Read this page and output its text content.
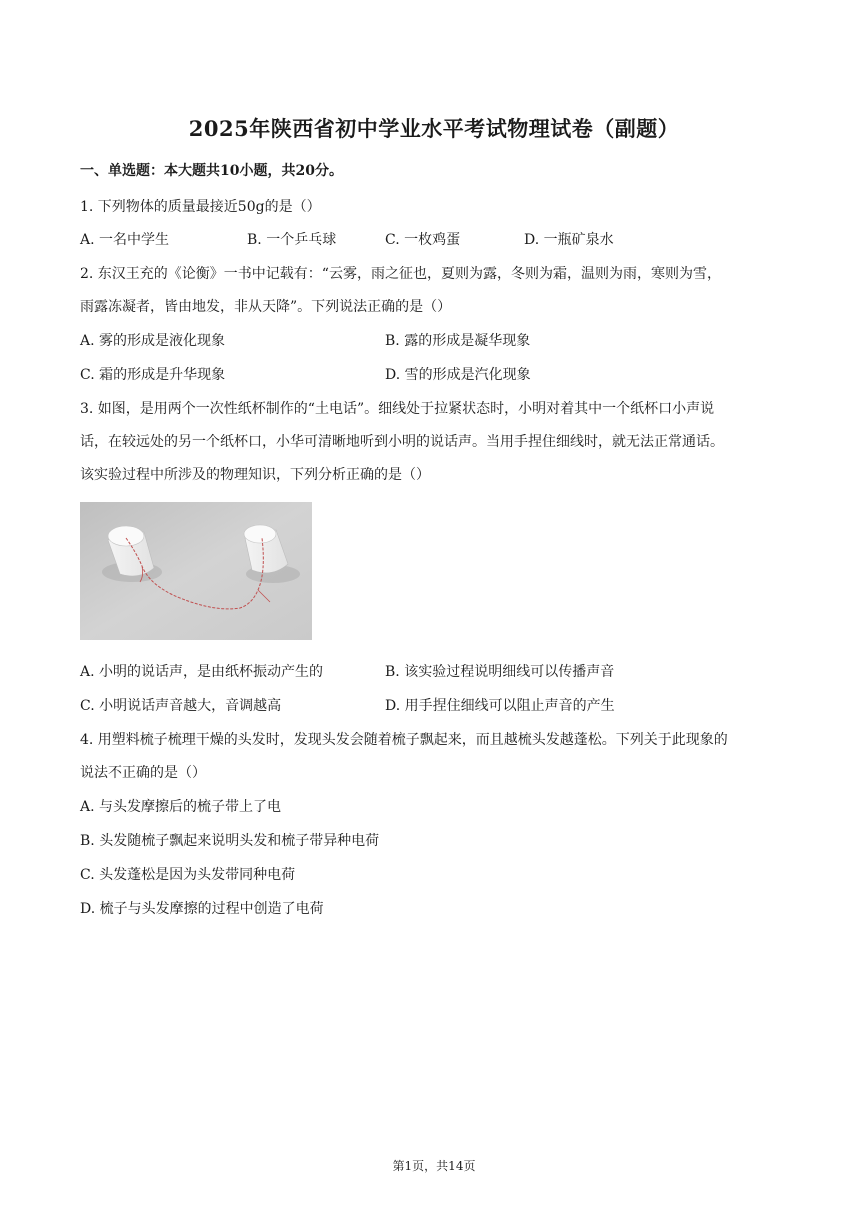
2025年陕西省初中学业水平考试物理试卷（副题）
一、单选题：本大题共10小题，共20分。
1. 下列物体的质量最接近50g的是（）
A. 一名中学生	B. 一个乒乓球	C. 一枚鸡蛋	D. 一瓶矿泉水
2. 东汉王充的《论衡》一书中记载有：“云雾，雨之征也，夏则为露，冬则为霜，温则为雨，寒则为雪，
雨露冻凝者，皆由地发，非从天降”。下列说法正确的是（）
A. 雾的形成是液化现象	B. 露的形成是凝华现象
C. 霜的形成是升华现象	D. 雪的形成是汽化现象
3. 如图，是用两个一次性纸杯制作的“土电话”。细线处于拉紧状态时，小明对着其中一个纸杯口小声说
话，在较远处的另一个纸杯口，小华可清晰地听到小明的说话声。当用手捏住细线时，就无法正常通话。
该实验过程中所涉及的物理知识，下列分析正确的是（）
A. 小明的说话声，是由纸杯振动产生的	B. 该实验过程说明细线可以传播声音
C. 小明说话声音越大，音调越高	D. 用手捏住细线可以阻止声音的产生
4. 用塑料梳子梳理干燥的头发时，发现头发会随着梳子飘起来，而且越梳头发越蓬松。下列关于此现象的
说法不正确的是（）
A. 与头发摩擦后的梳子带上了电
B. 头发随梳子飘起来说明头发和梳子带异种电荷
C. 头发蓬松是因为头发带同种电荷
D. 梳子与头发摩擦的过程中创造了电荷
第1页，共14页
